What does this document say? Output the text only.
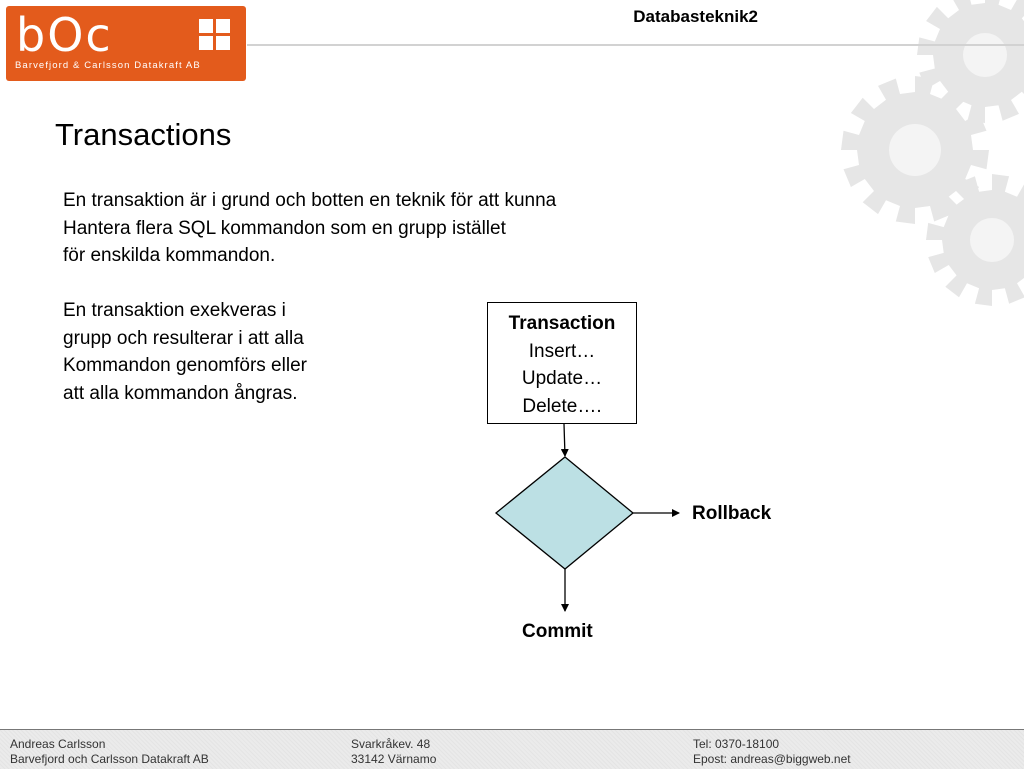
bOc
Barvefjord & Carlsson Datakraft AB
Databasteknik2
Transactions

En transaktion är i grund och botten en teknik för att kunna
Hantera flera SQL kommandon som en grupp istället
för enskilda kommandon.

En transaktion exekveras i
grupp och resulterar i att alla
Kommandon genomförs eller
att alla kommandon ångras.

Transaction
Insert…
Update…
Delete….
Rollback
Commit
Andreas Carlsson
Barvefjord och Carlsson Datakraft AB
Svarkråkev. 48
33142 Värnamo
Tel: 0370-18100
Epost: andreas@biggweb.net
